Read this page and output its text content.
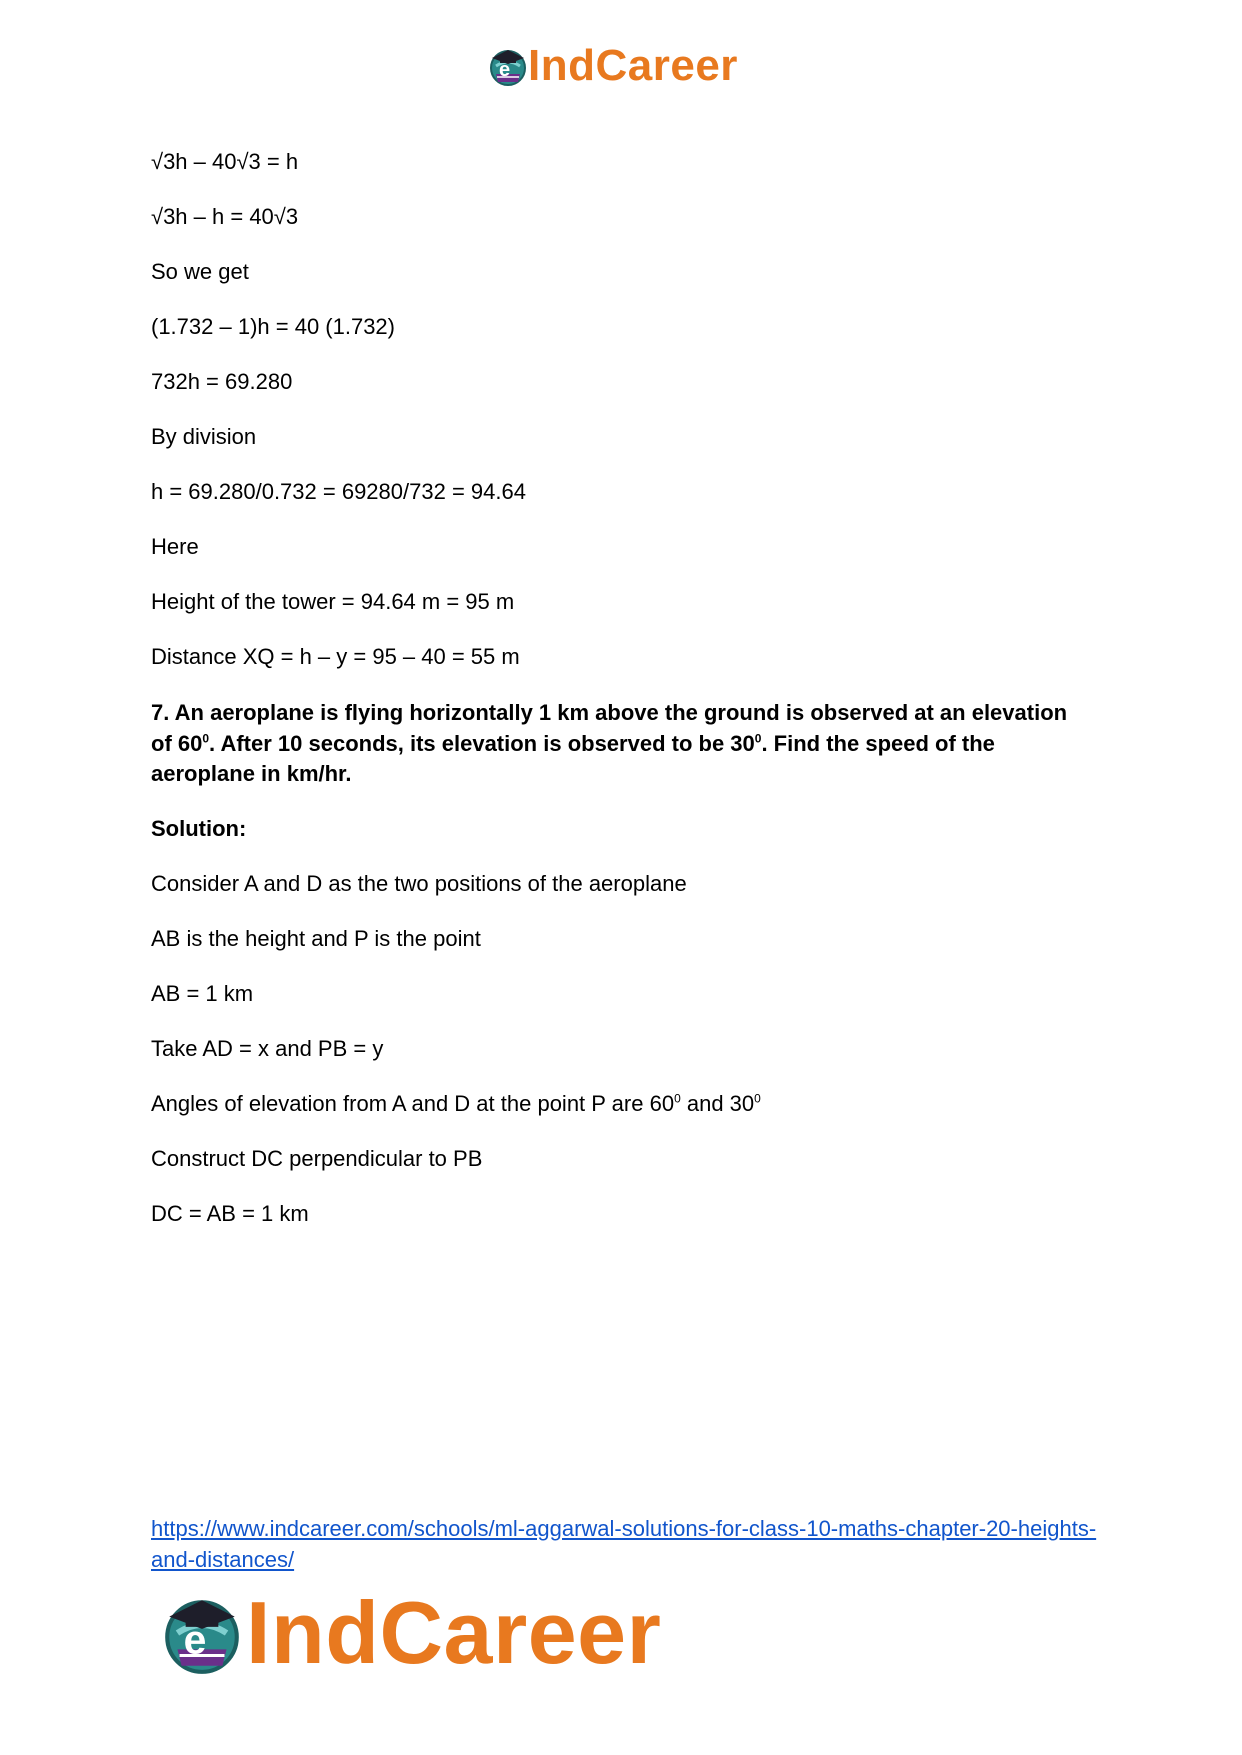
e IndCareer

√3h – 40√3 = h

√3h – h = 40√3

So we get

(1.732 – 1)h = 40 (1.732)

732h = 69.280

By division

h = 69.280/0.732 = 69280/732 = 94.64

Here

Height of the tower = 94.64 m = 95 m

Distance XQ = h – y = 95 – 40 = 55 m

7. An aeroplane is flying horizontally 1 km above the ground is observed at an elevation of $60^0$. After 10 seconds, its elevation is observed to be $30^0$. Find the speed of the aeroplane in km/hr.

Solution:

Consider A and D as the two positions of the aeroplane

AB is the height and P is the point

AB = 1 km

Take AD = x and PB = y

Angles of elevation from A and D at the point P are $60^0$ and $30^0$

Construct DC perpendicular to PB

DC = AB = 1 km

https://www.indcareer.com/schools/ml-aggarwal-solutions-for-class-10-maths-chapter-20-heights-and-distances/
e IndCareer
